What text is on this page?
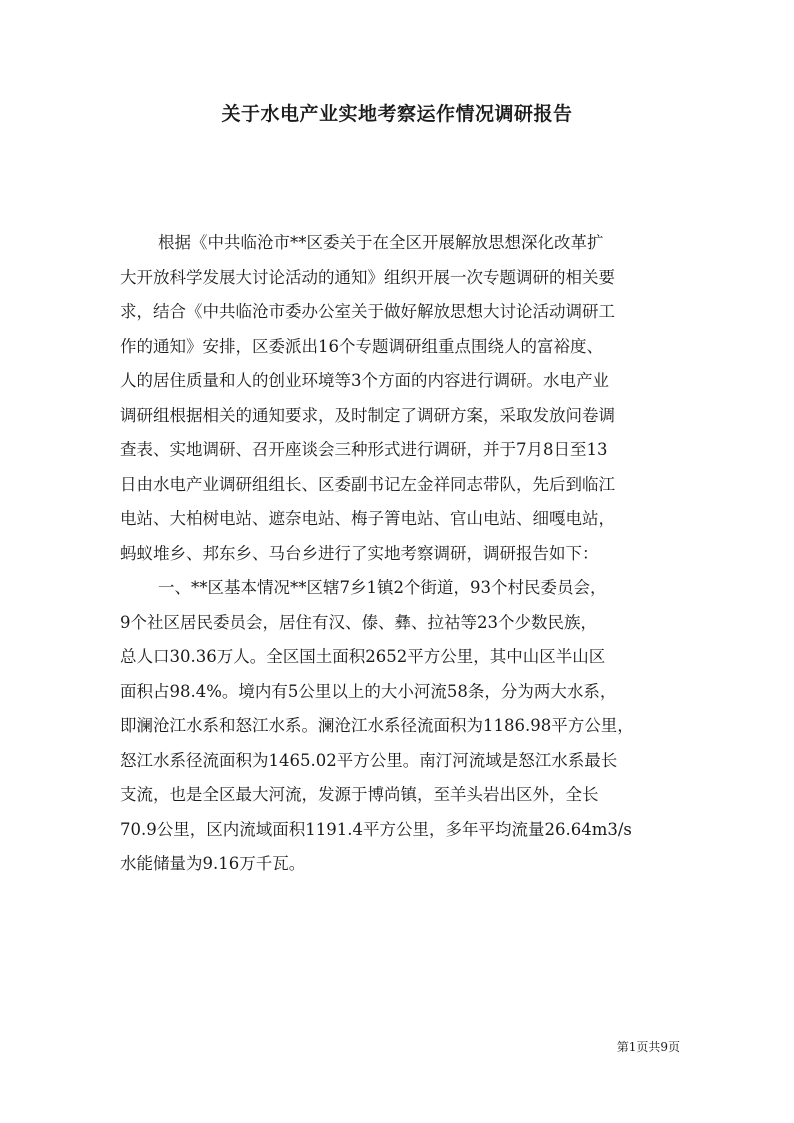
关于水电产业实地考察运作情况调研报告
根据《中共临沧市**区委关于在全区开展解放思想深化改革扩
大开放科学发展大讨论活动的通知》组织开展一次专题调研的相关要
求，结合《中共临沧市委办公室关于做好解放思想大讨论活动调研工
作的通知》安排，区委派出16个专题调研组重点围绕人的富裕度、
人的居住质量和人的创业环境等3个方面的内容进行调研。水电产业
调研组根据相关的通知要求，及时制定了调研方案，采取发放问卷调
查表、实地调研、召开座谈会三种形式进行调研，并于7月8日至13
日由水电产业调研组组长、区委副书记左金祥同志带队，先后到临江
电站、大柏树电站、遮奈电站、梅子箐电站、官山电站、细嘎电站，
蚂蚁堆乡、邦东乡、马台乡进行了实地考察调研，调研报告如下：
一、**区基本情况**区辖7乡1镇2个街道，93个村民委员会，
9个社区居民委员会，居住有汉、傣、彝、拉祜等23个少数民族，
总人口30.36万人。全区国土面积2652平方公里，其中山区半山区
面积占98.4%。境内有5公里以上的大小河流58条，分为两大水系，
即澜沧江水系和怒江水系。澜沧江水系径流面积为1186.98平方公里，
怒江水系径流面积为1465.02平方公里。南汀河流域是怒江水系最长
支流，也是全区最大河流，发源于博尚镇，至羊头岩出区外，全长
70.9公里，区内流域面积1191.4平方公里，多年平均流量26.64m3/s
水能储量为9.16万千瓦。
第1页共9页
